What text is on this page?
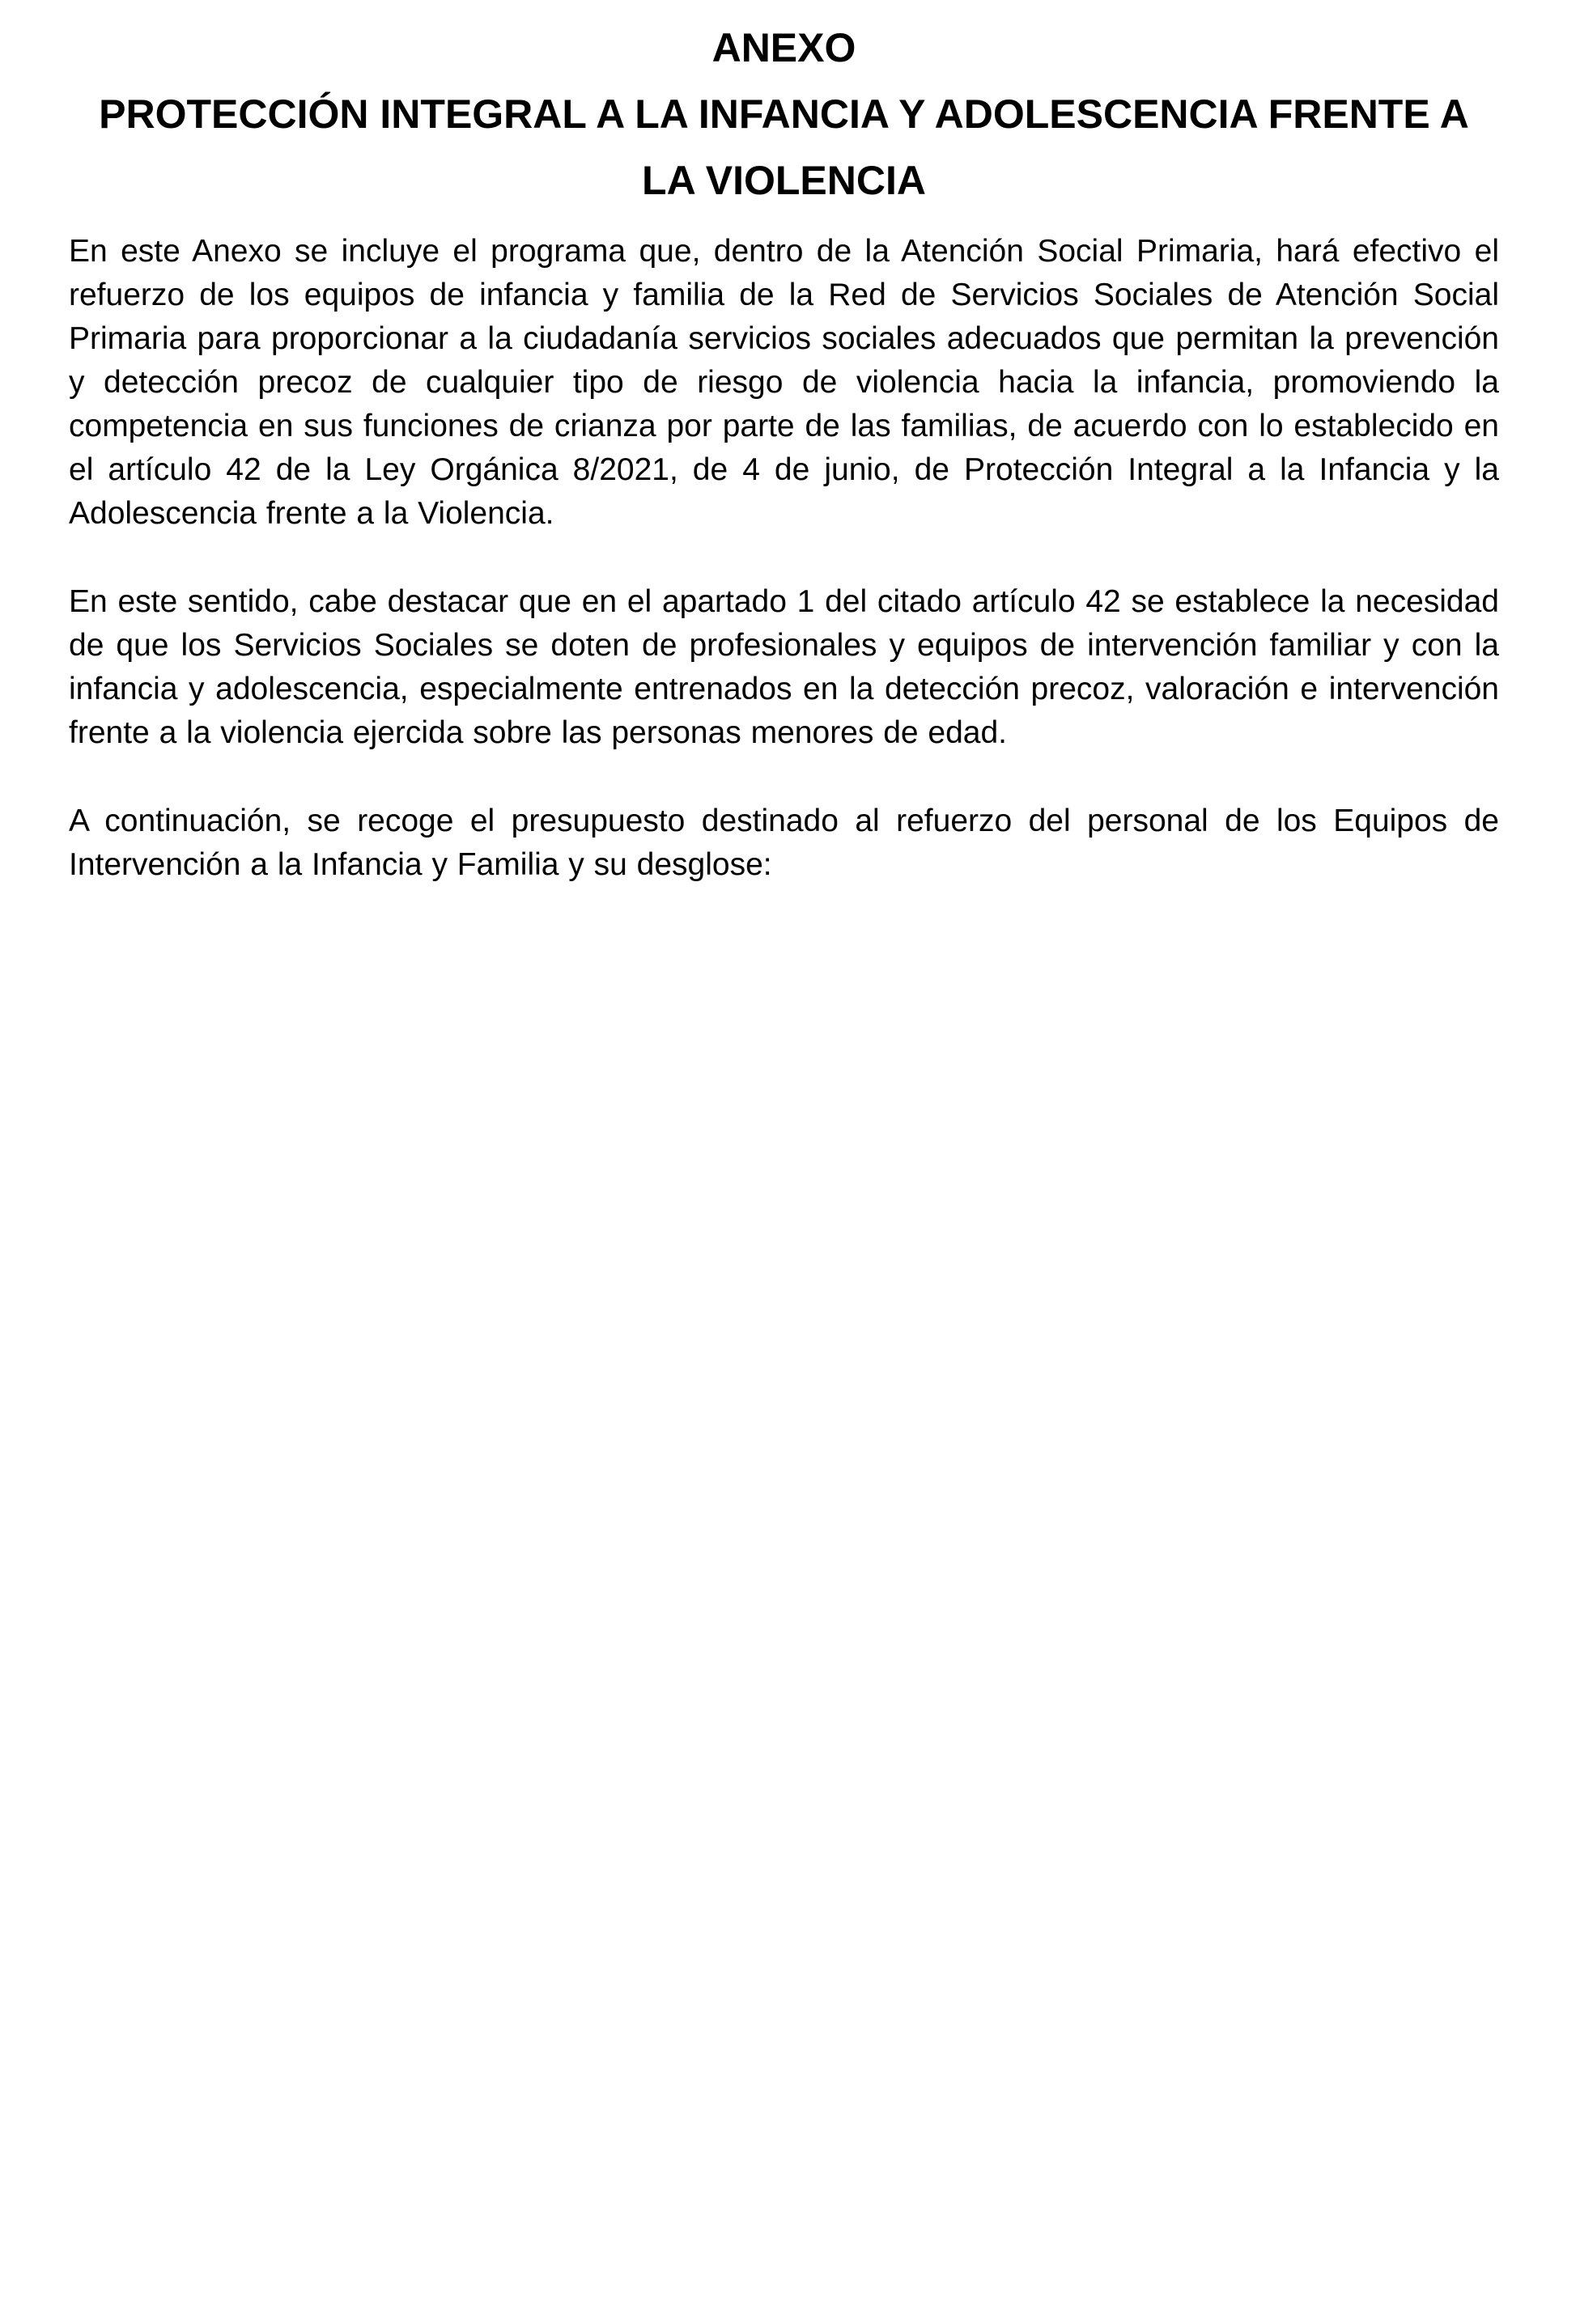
ANEXO
PROTECCIÓN INTEGRAL A LA INFANCIA Y ADOLESCENCIA FRENTE A LA VIOLENCIA

En este Anexo se incluye el programa que, dentro de la Atención Social Primaria, hará efectivo el refuerzo de los equipos de infancia y familia de la Red de Servicios Sociales de Atención Social Primaria para proporcionar a la ciudadanía servicios sociales adecuados que permitan la prevención y detección precoz de cualquier tipo de riesgo de violencia hacia la infancia, promoviendo la competencia en sus funciones de crianza por parte de las familias, de acuerdo con lo establecido en el artículo 42 de la Ley Orgánica 8/2021, de 4 de junio, de Protección Integral a la Infancia y la Adolescencia frente a la Violencia.

En este sentido, cabe destacar que en el apartado 1 del citado artículo 42 se establece la necesidad de que los Servicios Sociales se doten de profesionales y equipos de intervención familiar y con la infancia y adolescencia, especialmente entrenados en la detección precoz, valoración e intervención frente a la violencia ejercida sobre las personas menores de edad.

A continuación, se recoge el presupuesto destinado al refuerzo del personal de los Equipos de Intervención a la Infancia y Familia y su desglose:
